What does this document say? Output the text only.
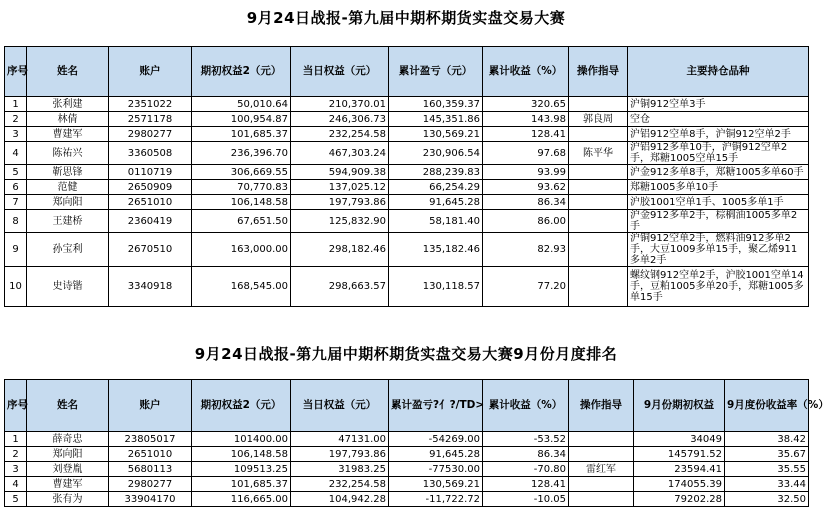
9月24日战报-第九届中期杯期货实盘交易大赛
序号	姓名	账户	期初权益2（元）	当日权益（元）	累计盈亏（元）	累计收益（%）	操作指导	主要持仓品种
1	张利建	2351022	50,010.64	210,370.01	160,359.37	320.65		沪铜912空单3手
2	林倩	2571178	100,954.87	246,306.73	145,351.86	143.98	郭良周	空仓
3	曹建军	2980277	101,685.37	232,254.58	130,569.21	128.41		沪铝912空单8手，沪铜912空单2手
4	陈祐兴	3360508	236,396.70	467,303.24	230,906.54	97.68	陈平华	沪铝912多单10手，沪铜912空单2手，郑糖1005空单15手
5	靳思锋	0110719	306,669.55	594,909.38	288,239.83	93.99		沪金912多单8手，郑糖1005多单60手
6	范健	2650909	70,770.83	137,025.12	66,254.29	93.62		郑糖1005多单10手
7	郑向阳	2651010	106,148.58	197,793.86	91,645.28	86.34		沪胶1001空单1手、1005多单1手
8	王建桥	2360419	67,651.50	125,832.90	58,181.40	86.00		沪金912多单2手，棕榈油1005多单2手
9	孙宝利	2670510	163,000.00	298,182.46	135,182.46	82.93		沪铜912空单2手，燃料油912多单2手，大豆1009多单15手，聚乙烯911多单2手
10	史诗锴	3340918	168,545.00	298,663.57	130,118.57	77.20		螺纹钢912空单2手，沪胶1001空单14手，豆粕1005多单20手，郑糖1005多单15手
9月24日战报-第九届中期杯期货实盘交易大赛9月份月度排名
序号	姓名	账户	期初权益2（元）	当日权益（元）	累计盈亏?亻?/TD>	累计收益（%）	操作指导	9月份期初权益	9月度份收益率（%）
1	薛奇忠	23805017	101400.00	47131.00	-54269.00	-53.52		34049	38.42
2	郑向阳	2651010	106,148.58	197,793.86	91,645.28	86.34		145791.52	35.67
3	刘登胤	5680113	109513.25	31983.25	-77530.00	-70.80	雷红军	23594.41	35.55
4	曹建军	2980277	101,685.37	232,254.58	130,569.21	128.41		174055.39	33.44
5	张有为	33904170	116,665.00	104,942.28	-11,722.72	-10.05		79202.28	32.50
